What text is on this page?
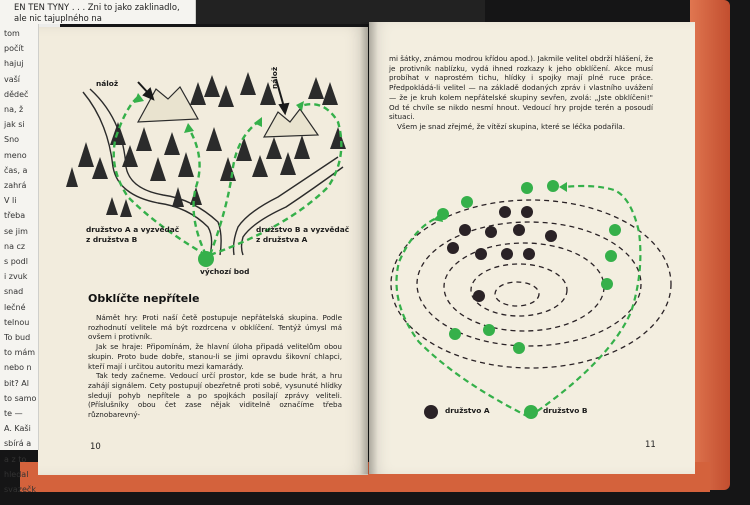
nálož	nálož
družstvo A a vyzvědač
z družstva B
družstvo B a vyzvědač
z družstva A
výchozí bod
Obklíčte nepřítele

Námět hry: Proti naší četě postupuje nepřátelská skupina. Podle rozhodnutí velitele má být rozdrcena v obklíčení. Tentýž úmysl má ovšem i protivník.

Jak se hraje: Připomínám, že hlavní úloha připadá velitelům obou skupin. Proto bude dobře, stanou-li se jimi opravdu šikovní chlapci, kteří mají i určitou autoritu mezi kamarády.

Tak tedy začneme. Vedoucí určí prostor, kde se bude hrát, a hru zahájí signálem. Cety postupují obezřetně proti sobě, vysunuté hlídky sledují pohyb nepřítele a po spojkách posílají zprávy veliteli. (Příslušníky obou čet zase nějak viditelně označíme třeba různobarevný-

10

mi šátky, známou modrou křídou apod.). Jakmile velitel obdrží hlášení, že je protivník nablízku, vydá ihned rozkazy k jeho obklíčení. Akce musí probíhat v naprostém tichu, hlídky i spojky mají plné ruce práce. Předpokládá-li velitel — na základě dodaných zpráv i vlastního uvážení — že je kruh kolem nepřátelské skupiny sevřen, zvolá: „Jste obklíčeni!" Od té chvíle se nikdo nesmí hnout. Vedoucí hry projde terén a posoudí situaci.

Všem je snad zřejmé, že vítězí skupina, které se léčka podařila.

družstvo A	družstvo B
11
tom
počít
hajuj
vaší
dědeč
na, ž
jak si
Sno
meno
čas, a
zahrá
V li
třeba
se jim
na cz
s podl
i zvuk
snad
lečné
telnou
To bud
to mám
nebo n
bit? Al
to samo
te —
A. Kaši
sbírá a
a z to
hledal
svazečk
EN TEN TYNY . . . Zni to jako zaklinadlo, ale nic tajuplného na
